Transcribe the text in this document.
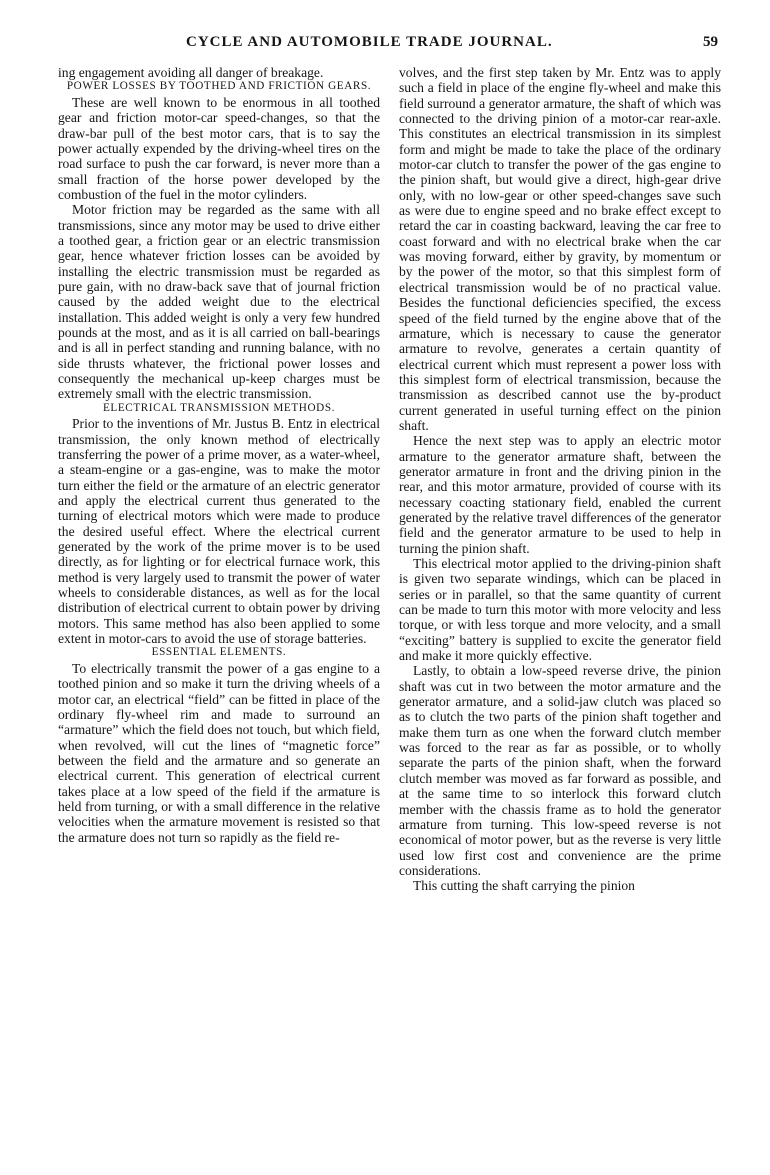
CYCLE AND AUTOMOBILE TRADE JOURNAL.	59

ing engagement avoiding all danger of breakage.

POWER LOSSES BY TOOTHED AND FRICTION GEARS.

These are well known to be enormous in all toothed gear and friction motor-car speed-changes, so that the draw-bar pull of the best motor cars, that is to say the power actually expended by the driving-wheel tires on the road surface to push the car forward, is never more than a small fraction of the horse power developed by the combustion of the fuel in the motor cylinders.

Motor friction may be regarded as the same with all transmissions, since any motor may be used to drive either a toothed gear, a friction gear or an electric transmission gear, hence whatever friction losses can be avoided by installing the electric transmission must be regarded as pure gain, with no draw-back save that of journal friction caused by the added weight due to the electrical installation. This added weight is only a very few hundred pounds at the most, and as it is all carried on ball-bearings and is all in perfect standing and running balance, with no side thrusts whatever, the frictional power losses and consequently the mechanical up-keep charges must be extremely small with the electric transmission.

ELECTRICAL TRANSMISSION METHODS.

Prior to the inventions of Mr. Justus B. Entz in electrical transmission, the only known method of electrically transferring the power of a prime mover, as a water-wheel, a steam-engine or a gas-engine, was to make the motor turn either the field or the armature of an electric generator and apply the electrical current thus generated to the turning of electrical motors which were made to produce the desired useful effect. Where the electrical current generated by the work of the prime mover is to be used directly, as for lighting or for electrical furnace work, this method is very largely used to transmit the power of water wheels to considerable distances, as well as for the local distribution of electrical current to obtain power by driving motors. This same method has also been applied to some extent in motor-cars to avoid the use of storage batteries.

ESSENTIAL ELEMENTS.

To electrically transmit the power of a gas engine to a toothed pinion and so make it turn the driving wheels of a motor car, an electrical “field” can be fitted in place of the ordinary fly-wheel rim and made to surround an “armature” which the field does not touch, but which field, when revolved, will cut the lines of “magnetic force” between the field and the armature and so generate an electrical current. This generation of electrical current takes place at a low speed of the field if the armature is held from turning, or with a small difference in the relative velocities when the armature movement is resisted so that the armature does not turn so rapidly as the field re-

volves, and the first step taken by Mr. Entz was to apply such a field in place of the engine fly-wheel and make this field surround a generator armature, the shaft of which was connected to the driving pinion of a motor-car rear-axle. This constitutes an electrical transmission in its simplest form and might be made to take the place of the ordinary motor-car clutch to transfer the power of the gas engine to the pinion shaft, but would give a direct, high-gear drive only, with no low-gear or other speed-changes save such as were due to engine speed and no brake effect except to retard the car in coasting backward, leaving the car free to coast forward and with no electrical brake when the car was moving forward, either by gravity, by momentum or by the power of the motor, so that this simplest form of electrical transmission would be of no practical value. Besides the functional deficiencies specified, the excess speed of the field turned by the engine above that of the armature, which is necessary to cause the generator armature to revolve, generates a certain quantity of electrical current which must represent a power loss with this simplest form of electrical transmission, because the transmission as described cannot use the by-product current generated in useful turning effect on the pinion shaft.

Hence the next step was to apply an electric motor armature to the generator armature shaft, between the generator armature in front and the driving pinion in the rear, and this motor armature, provided of course with its necessary coacting stationary field, enabled the current generated by the relative travel differences of the generator field and the generator armature to be used to help in turning the pinion shaft.

This electrical motor applied to the driving-pinion shaft is given two separate windings, which can be placed in series or in parallel, so that the same quantity of current can be made to turn this motor with more velocity and less torque, or with less torque and more velocity, and a small “exciting” battery is supplied to excite the generator field and make it more quickly effective.

Lastly, to obtain a low-speed reverse drive, the pinion shaft was cut in two between the motor armature and the generator armature, and a solid-jaw clutch was placed so as to clutch the two parts of the pinion shaft together and make them turn as one when the forward clutch member was forced to the rear as far as possible, or to wholly separate the parts of the pinion shaft, when the forward clutch member was moved as far forward as possible, and at the same time to so interlock this forward clutch member with the chassis frame as to hold the generator armature from turning. This low-speed reverse is not economical of motor power, but as the reverse is very little used low first cost and convenience are the prime considerations.

This cutting the shaft carrying the pinion
